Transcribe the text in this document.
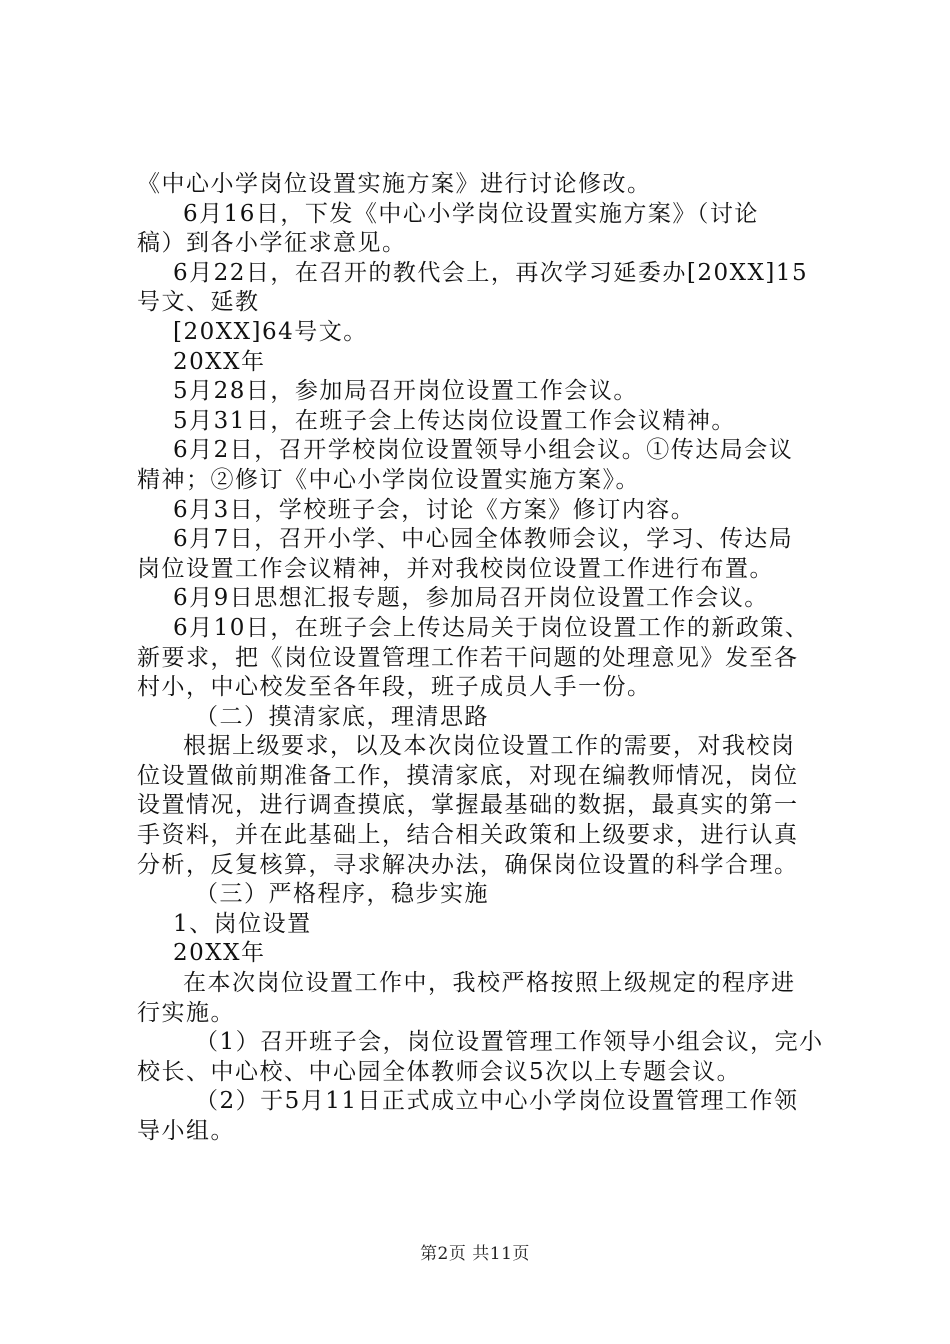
《中心小学岗位设置实施方案》进行讨论修改。
6月16日，下发《中心小学岗位设置实施方案》（讨论
稿）到各小学征求意见。
6月22日，在召开的教代会上，再次学习延委办[20XX]15
号文、延教
[20XX]64号文。
20XX年
5月28日，参加局召开岗位设置工作会议。
5月31日，在班子会上传达岗位设置工作会议精神。
6月2日，召开学校岗位设置领导小组会议。①传达局会议
精神；②修订《中心小学岗位设置实施方案》。
6月3日，学校班子会，讨论《方案》修订内容。
6月7日，召开小学、中心园全体教师会议，学习、传达局
岗位设置工作会议精神，并对我校岗位设置工作进行布置。
6月9日思想汇报专题，参加局召开岗位设置工作会议。
6月10日，在班子会上传达局关于岗位设置工作的新政策、
新要求，把《岗位设置管理工作若干问题的处理意见》发至各
村小，中心校发至各年段，班子成员人手一份。
（二）摸清家底，理清思路
根据上级要求，以及本次岗位设置工作的需要，对我校岗
位设置做前期准备工作，摸清家底，对现在编教师情况，岗位
设置情况，进行调查摸底，掌握最基础的数据，最真实的第一
手资料，并在此基础上，结合相关政策和上级要求，进行认真
分析，反复核算，寻求解决办法，确保岗位设置的科学合理。
（三）严格程序，稳步实施
1、岗位设置
20XX年
在本次岗位设置工作中，我校严格按照上级规定的程序进
行实施。
（1）召开班子会，岗位设置管理工作领导小组会议，完小
校长、中心校、中心园全体教师会议5次以上专题会议。
（2）于5月11日正式成立中心小学岗位设置管理工作领
导小组。
第2页 共11页
